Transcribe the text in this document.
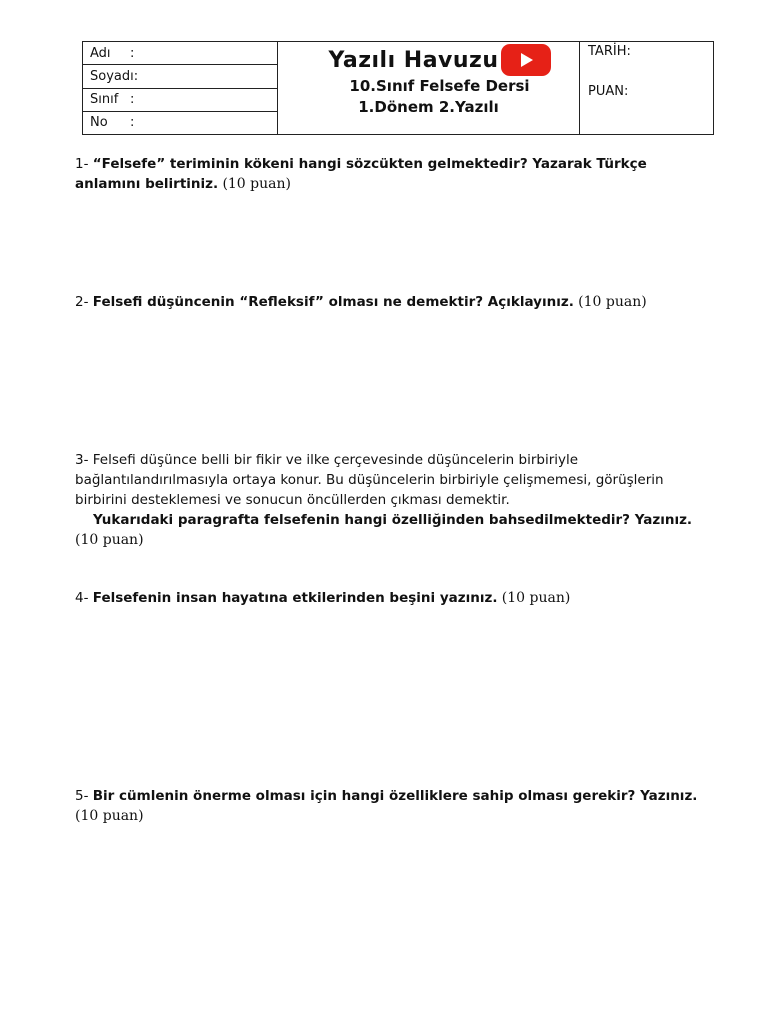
Adı	:
Soyadı:
Sınıf :
No	:
Yazılı Havuzu
10.Sınıf Felsefe Dersi
1.Dönem 2.Yazılı
TARİH:
PUAN:
1- “Felsefe” teriminin kökeni hangi sözcükten gelmektedir? Yazarak Türkçe anlamını belirtiniz. (10 puan)
2- Felsefi düşüncenin “Refleksif” olması ne demektir? Açıklayınız. (10 puan)
3- Felsefi düşünce belli bir fikir ve ilke çerçevesinde düşüncelerin birbiriyle bağlantılandırılmasıyla ortaya konur. Bu düşüncelerin birbiriyle çelişmemesi, görüşlerin birbirini desteklemesi ve sonucun öncüllerden çıkması demektir.
Yukarıdaki paragrafta felsefenin hangi özelliğinden bahsedilmektedir? Yazınız.
(10 puan)
4- Felsefenin insan hayatına etkilerinden beşini yazınız. (10 puan)
5- Bir cümlenin önerme olması için hangi özelliklere sahip olması gerekir? Yazınız.
(10 puan)
